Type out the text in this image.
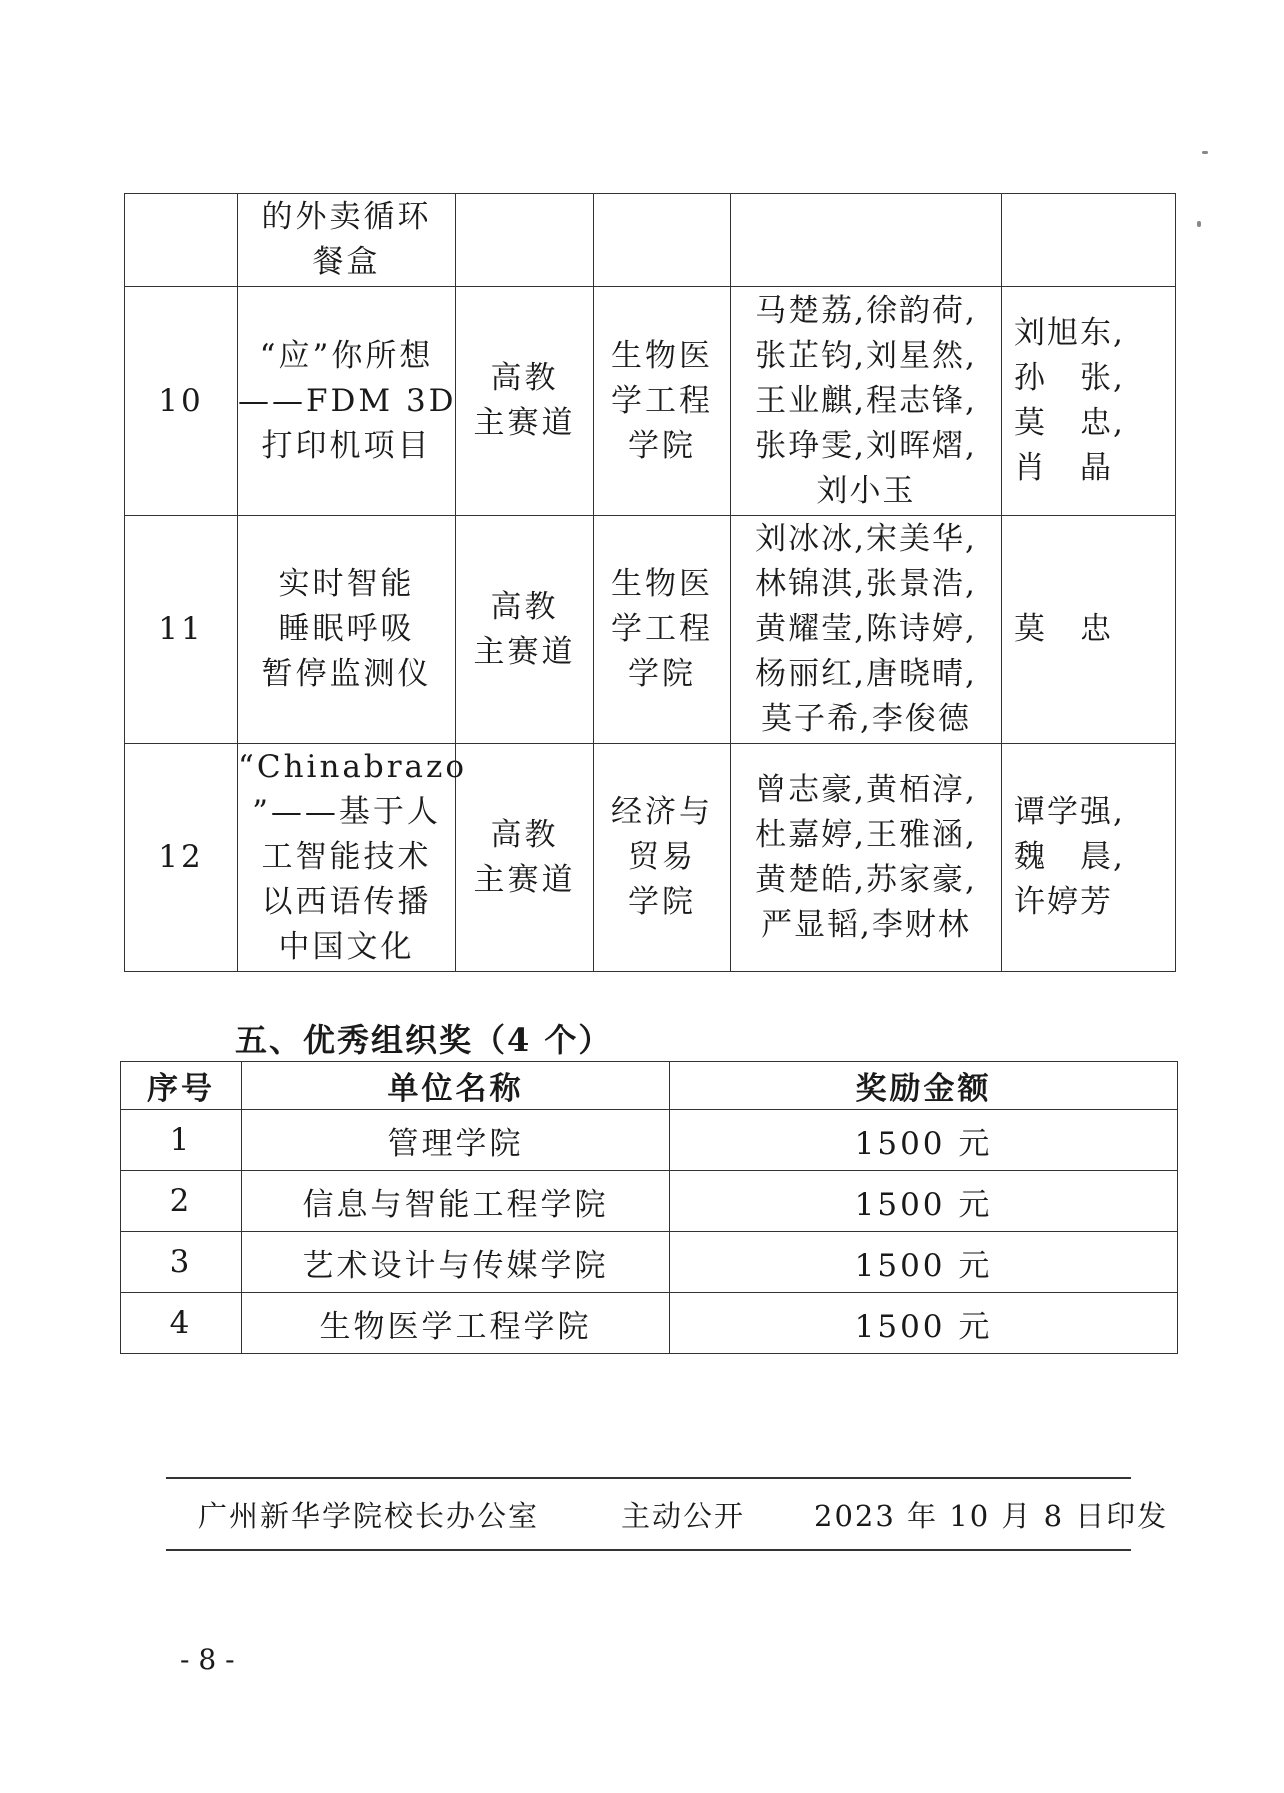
	的外卖循环
餐盒				

10	“应”你所想
——FDM 3D
打印机项目	高教
主赛道	生物医
学工程
学院	马楚荔,徐韵荷,
张芷钧,刘星然,
王业麒,程志锋,
张琤雯,刘晖熠,
刘小玉	刘旭东,
孙　张,
莫　忠,
肖　晶

11	实时智能
睡眠呼吸
暂停监测仪	高教
主赛道	生物医
学工程
学院	刘冰冰,宋美华,
林锦淇,张景浩,
黄耀莹,陈诗婷,
杨丽红,唐晓晴,
莫子希,李俊德	莫　忠

12	“Chinabrazo
”——基于人
工智能技术
以西语传播
中国文化	高教
主赛道	经济与
贸易
学院	曾志豪,黄栢淳,
杜嘉婷,王雅涵,
黄楚皓,苏家豪,
严显韬,李财林	谭学强,
魏　晨,
许婷芳
五、优秀组织奖（4 个）
序号	单位名称	奖励金额
1	管理学院	1500 元
2	信息与智能工程学院	1500 元
3	艺术设计与传媒学院	1500 元
4	生物医学工程学院	1500 元
广州新华学院校长办公室	主动公开 2023 年 10 月 8 日印发
- 8 -
